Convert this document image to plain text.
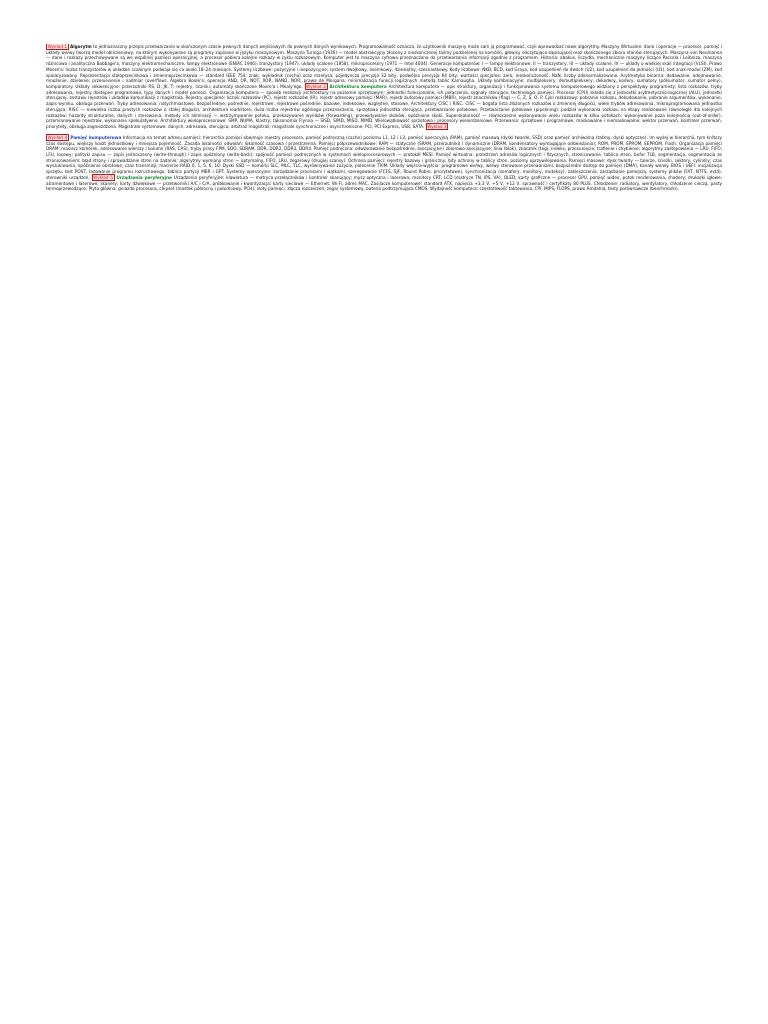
Wykład 1 Algorytm to jednoznaczny przepis przetwarzania w skończonym czasie pewnych danych wejściowych do pewnych danych wynikowych. Programowalność oznacza, że użytkownik maszyny może sam ją programować, czyli wprowadzać nowe algorytmy. Maszyny Wirtualne: dane i operacje — procesor, pamięć i układy we/wy tworzą model obliczeniowy, na którym wykonywane są programy zapisane w języku maszynowym. Maszyna Turinga (1936) — model abstrakcyjny złożony z nieskończonej taśmy podzielonej na komórki, głowicy odczytująco-zapisującej oraz skończonego zbioru stanów sterujących. Maszyna von Neumanna — dane i rozkazy przechowywane są we wspólnej pamięci operacyjnej, a procesor pobiera kolejne rozkazy w cyklu rozkazowym. Komputer jest to maszyna cyfrowa przeznaczona do przetwarzania informacji zgodnie z programem. Historia: abakus, liczydła, mechaniczne maszyny liczące Pascala i Leibniza, maszyna różnicowa i analityczna Babbage'a, maszyny elektromechaniczne, lampy elektronowe (ENIAC 1946), tranzystory (1947), układy scalone (1958), mikroprocesory (1971 — Intel 4004). Generacje komputerów: I — lampy elektronowe, II — tranzystory, III — układy scalone, IV — układy o wielkiej skali integracji (VLSI). Prawo Moore'a: liczba tranzystorów w układzie scalonym podwaja się co około 18–24 miesiące. Systemy liczbowe: pozycyjne i niepozycyjne; system dwójkowy, ósemkowy, dziesiętny, szesnastkowy. Kody liczbowe: NKB, BCD, kod Graya, kod uzupełnień do dwóch (U2), kod uzupełnień do jedności (U1), kod znak-moduł (ZM), kod spolaryzowany. Reprezentacja stałoprzecinkowa i zmiennoprzecinkowa — standard IEEE 754: znak, wykładnik (cecha) oraz mantysa; pojedyncza precyzja 32 bity, podwójna precyzja 64 bity; wartości specjalne: zero, nieskończoność, NaN, liczby zdenormalizowane. Arytmetyka binarna: dodawanie, odejmowanie, mnożenie, dzielenie; przeniesienie i nadmiar (overflow). Algebra Boole'a: operacje AND, OR, NOT, XOR, NAND, NOR; prawa de Morgana; minimalizacja funkcji logicznych metodą tablic Karnaugha. Układy kombinacyjne: multipleksery, demultipleksery, dekodery, kodery, sumatory (półsumator, sumator pełny), komparatory. Układy sekwencyjne: przerzutniki RS, D, JK, T; rejestry, liczniki, automaty skończone Moore'a i Mealy'ego. Wykład 2 Architektura komputera Architektura komputera — opis struktury, organizacji i funkcjonowania systemu komputerowego widziany z perspektywy programisty: lista rozkazów, tryby adresowania, rejestry dostępne programowo, typy danych i model pamięci. Organizacja komputera — sposób realizacji architektury na poziomie sprzętowym: jednostki funkcjonalne, ich połączenia, sygnały sterujące, technologia pamięci. Procesor (CPU) składa się z jednostki arytmetyczno-logicznej (ALU), jednostki sterującej, zestawu rejestrów i układów komunikacji z magistralą. Rejestry specjalne: licznik rozkazów (PC), rejestr rozkazów (IR), rejestr adresowy pamięci (MAR), rejestr buforowy pamięci (MBR), rejestr znaczników (flag) — C, Z, S, O, P. Cykl rozkazowy: pobranie rozkazu, dekodowanie, pobranie argumentów, wykonanie, zapis wyniku, obsługa przerwań. Tryby adresowania: natychmiastowe, bezpośrednie, pośrednie, rejestrowe, rejestrowe pośrednie, bazowe, indeksowe, względne, stosowe. Architektury CISC i RISC: CISC — bogata lista złożonych rozkazów o zmiennej długości, wiele trybów adresowania, mikroprogramowana jednostka sterująca; RISC — niewielka liczba prostych rozkazów o stałej długości, architektura load/store, duża liczba rejestrów ogólnego przeznaczenia, sprzętowa jednostka sterująca, przetwarzanie potokowe. Przetwarzanie potokowe (pipelining): podział wykonania rozkazu na etapy realizowane równolegle dla kolejnych rozkazów; hazardy strukturalne, danych i sterowania; metody ich eliminacji — wstrzymywanie potoku, przekazywanie wyników (forwarding), przewidywanie skoków, opóźnione skoki. Superskalarność — równoczesne wykonywanie wielu rozkazów w kilku potokach; wykonywanie poza kolejnością (out-of-order), przemianowanie rejestrów, wykonanie spekulatywne. Architektury wieloprocesorowe: SMP, NUMA, klastry; taksonomia Flynna — SISD, SIMD, MISD, MIMD. Wielowątkowość sprzętowa i procesory wielordzeniowe. Przerwania: sprzętowe i programowe, maskowalne i niemaskowalne; wektor przerwań, kontroler przerwań, priorytety, obsługa zagnieżdżona. Magistrale systemowe: danych, adresowa, sterująca; arbitraż magistrali; magistrale synchroniczne i asynchroniczne; PCI, PCI Express, USB, SATA. Wykład 3

Wykład 4 Pamięć komputerowa Informacja na temat adresu pamięci: hierarchia pamięci obejmuje rejestry procesora, pamięć podręczną (cache) poziomu L1, L2 i L3, pamięć operacyjną (RAM), pamięć masową (dyski twarde, SSD) oraz pamięć archiwalną (taśmy, dyski optyczne). Im wyżej w hierarchii, tym krótszy czas dostępu, większy koszt jednostkowy i mniejsza pojemność. Zasada lokalności odwołań: lokalność czasowa i przestrzenna. Pamięci półprzewodnikowe: RAM — statyczne (SRAM, przerzutniki) i dynamiczne (DRAM, kondensatory wymagające odświeżania); ROM, PROM, EPROM, EEPROM, Flash. Organizacja pamięci DRAM: macierz komórek, adresowanie wierszy i kolumn (RAS, CAS), tryby pracy FPM, EDO, SDRAM, DDR, DDR2, DDR3, DDR4. Pamięć podręczna: odwzorowanie bezpośrednie, asocjacyjne i zbiorowo-asocjacyjne; linia (blok), znacznik (tag), indeks, przesunięcie; trafienie i chybienie; algorytmy zastępowania — LRU, FIFO, LFU, losowy; polityki zapisu — zapis jednoczesny (write-through) i zapis opóźniony (write-back); spójność pamięci podręcznych w systemach wieloprocesorowych — protokół MESI. Pamięć wirtualna: przestrzeń adresów logicznych i fizycznych, stronicowanie, tablica stron, bufor TLB, segmentacja, segmentacja ze stronicowaniem; błąd strony i sprowadzanie stron na żądanie; algorytmy wymiany stron — optymalny, FIFO, LRU, zegarowy (drugiej szansy). Ochrona pamięci: rejestry bazowy i graniczny, bity ochrony w tablicy stron, poziomy uprzywilejowania. Pamięci masowe: dysk twardy — talerze, ścieżki, sektory, cylindry; czas wyszukiwania, opóźnienie obrotowe, czas transmisji; macierze RAID 0, 1, 5, 6, 10. Dyski SSD — komórki SLC, MLC, TLC, wyrównywanie zużycia, polecenie TRIM. Układy wejścia-wyjścia: programowe we/wy, we/wy sterowane przerwaniami, bezpośredni dostęp do pamięci (DMA), kanały we/wy. BIOS i UEFI: inicjalizacja sprzętu, test POST, ładowanie programu rozruchowego, tablica partycji MBR i GPT. Systemy operacyjne: zarządzanie procesami i wątkami, szeregowanie (FCFS, SJF, Round Robin, priorytetowe), synchronizacja (semafory, monitory, muteksy), zakleszczenia, zarządzanie pamięcią, systemy plików (FAT, NTFS, ext4), sterowniki urządzeń. Wykład 5 Urządzenia peryferyjne Urządzenia peryferyjne: klawiatura — matryca przełączników i kontroler skanujący; mysz optyczna i laserowa; monitory CRT, LCD (matryce TN, IPS, VA), OLED; karty graficzne — procesor GPU, pamięć wideo, potok renderowania, shadery; drukarki igłowe, atramentowe i laserowe; skanery; karty dźwiękowe — przetworniki A/C i C/A, próbkowanie i kwantyzacja; karty sieciowe — Ethernet, Wi-Fi, adres MAC. Zasilacze komputerowe: standard ATX, napięcia +3,3 V, +5 V, +12 V, sprawność i certyfikaty 80 PLUS. Chłodzenie: radiatory, wentylatory, chłodzenie cieczą, pasty termoprzewodzące. Płyta główna: gniazdo procesora, chipset (mostek północny i południowy, PCH), sloty pamięci, złącza rozszerzeń, zegar systemowy, bateria podtrzymująca CMOS. Wydajność komputera: częstotliwość taktowania, CPI, MIPS, FLOPS, prawo Amdahla, testy porównawcze (benchmarki).
